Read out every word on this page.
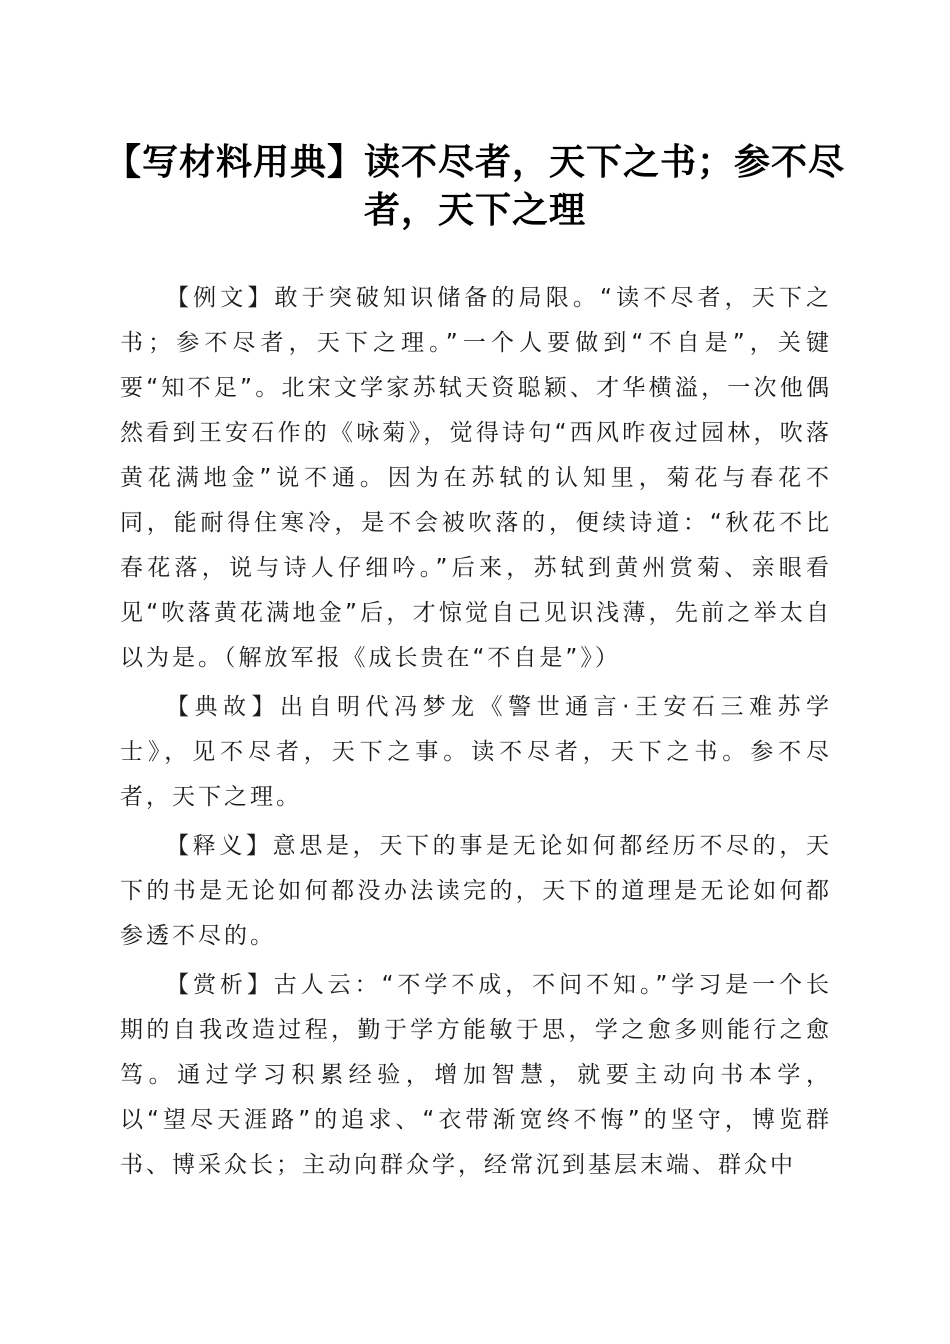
【写材料用典】读不尽者，天下之书；参不尽者，天下之理

【例文】敢于突破知识储备的局限。“读不尽者，天下之书；参不尽者，天下之理。”一个人要做到“不自是”，关键要“知不足”。北宋文学家苏轼天资聪颖、才华横溢，一次他偶然看到王安石作的《咏菊》，觉得诗句“西风昨夜过园林，吹落黄花满地金”说不通。因为在苏轼的认知里，菊花与春花不同，能耐得住寒冷，是不会被吹落的，便续诗道：“秋花不比春花落，说与诗人仔细吟。”后来，苏轼到黄州赏菊、亲眼看见“吹落黄花满地金”后，才惊觉自己见识浅薄，先前之举太自以为是。（解放军报《成长贵在“不自是”》）

【典故】出自明代冯梦龙《警世通言·王安石三难苏学士》，见不尽者，天下之事。读不尽者，天下之书。参不尽者，天下之理。

【释义】意思是，天下的事是无论如何都经历不尽的，天下的书是无论如何都没办法读完的，天下的道理是无论如何都参透不尽的。

【赏析】古人云：“不学不成，不问不知。”学习是一个长期的自我改造过程，勤于学方能敏于思，学之愈多则能行之愈笃。通过学习积累经验，增加智慧，就要主动向书本学，以“望尽天涯路”的追求、“衣带渐宽终不悔”的坚守，博览群书、博采众长；主动向群众学，经常沉到基层末端、群众中
